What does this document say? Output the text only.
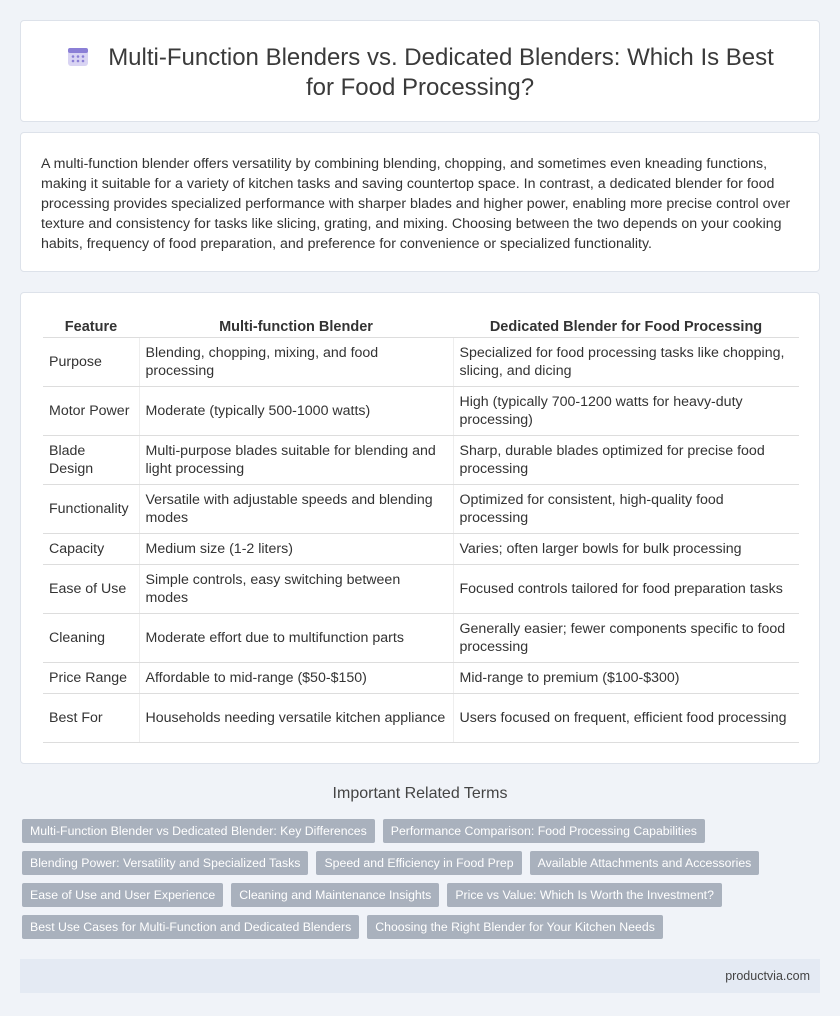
Multi-Function Blenders vs. Dedicated Blenders: Which Is Best for Food Processing?

A multi-function blender offers versatility by combining blending, chopping, and sometimes even kneading functions, making it suitable for a variety of kitchen tasks and saving countertop space. In contrast, a dedicated blender for food processing provides specialized performance with sharper blades and higher power, enabling more precise control over texture and consistency for tasks like slicing, grating, and mixing. Choosing between the two depends on your cooking habits, frequency of food preparation, and preference for convenience or specialized functionality.

Feature	Multi-function Blender	Dedicated Blender for Food Processing
Purpose	Blending, chopping, mixing, and food processing	Specialized for food processing tasks like chopping, slicing, and dicing
Motor Power	Moderate (typically 500-1000 watts)	High (typically 700-1200 watts for heavy-duty processing)
Blade Design	Multi-purpose blades suitable for blending and light processing	Sharp, durable blades optimized for precise food processing
Functionality	Versatile with adjustable speeds and blending modes	Optimized for consistent, high-quality food processing
Capacity	Medium size (1-2 liters)	Varies; often larger bowls for bulk processing
Ease of Use	Simple controls, easy switching between modes	Focused controls tailored for food preparation tasks
Cleaning	Moderate effort due to multifunction parts	Generally easier; fewer components specific to food processing
Price Range	Affordable to mid-range ($50-$150)	Mid-range to premium ($100-$300)
Best For	Households needing versatile kitchen appliance	Users focused on frequent, efficient food processing
Important Related Terms
Multi-Function Blender vs Dedicated Blender: Key Differences	Performance Comparison: Food Processing Capabilities
Blending Power: Versatility and Specialized Tasks	Speed and Efficiency in Food Prep	Available Attachments and Accessories
Ease of Use and User Experience	Cleaning and Maintenance Insights	Price vs Value: Which Is Worth the Investment?
Best Use Cases for Multi-Function and Dedicated Blenders	Choosing the Right Blender for Your Kitchen Needs
productvia.com
